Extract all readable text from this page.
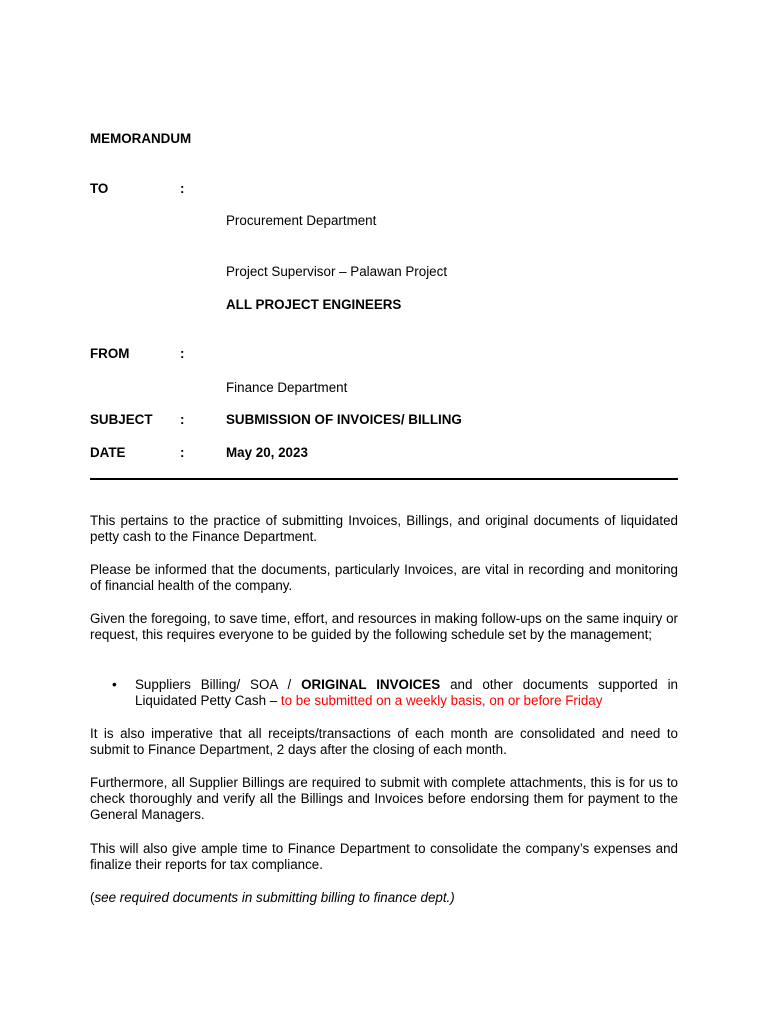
MEMORANDUM
TO	:
Procurement Department
Project Supervisor – Palawan Project
ALL PROJECT ENGINEERS
FROM	:
Finance Department
SUBJECT :	SUBMISSION OF INVOICES/ BILLING
DATE	:	May 20, 2023

This pertains to the practice of submitting Invoices, Billings, and original documents of liquidated petty cash to the Finance Department.

Please be informed that the documents, particularly Invoices, are vital in recording and monitoring of financial health of the company.

Given the foregoing, to save time, effort, and resources in making follow-ups on the same inquiry or request, this requires everyone to be guided by the following schedule set by the management;

• Suppliers Billing/ SOA / ORIGINAL INVOICES and other documents supported in Liquidated Petty Cash – to be submitted on a weekly basis, on or before Friday

It is also imperative that all receipts/transactions of each month are consolidated and need to submit to Finance Department, 2 days after the closing of each month.

Furthermore, all Supplier Billings are required to submit with complete attachments, this is for us to check thoroughly and verify all the Billings and Invoices before endorsing them for payment to the General Managers.

This will also give ample time to Finance Department to consolidate the company’s expenses and finalize their reports for tax compliance.

(see required documents in submitting billing to finance dept.)
